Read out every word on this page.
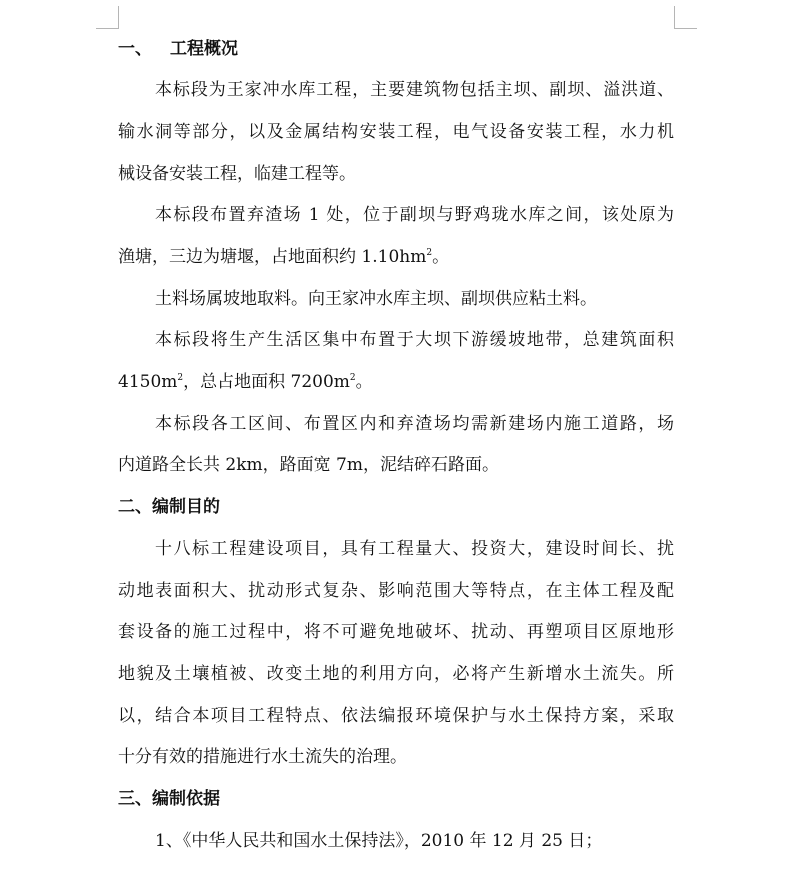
一、 工程概况
本标段为王家冲水库工程，主要建筑物包括主坝、副坝、溢洪道、
输水洞等部分，以及金属结构安装工程，电气设备安装工程，水力机
械设备安装工程，临建工程等。
本标段布置弃渣场 1 处，位于副坝与野鸡珑水库之间，该处原为
渔塘，三边为塘堰，占地面积约 $1.10hm^2$。
土料场属坡地取料。向王家冲水库主坝、副坝供应粘土料。
本标段将生产生活区集中布置于大坝下游缓坡地带，总建筑面积
$4150m^2$，总占地面积 $7200m^2$。
本标段各工区间、布置区内和弃渣场均需新建场内施工道路，场
内道路全长共 2km，路面宽 7m，泥结碎石路面。
二、编制目的
十八标工程建设项目，具有工程量大、投资大，建设时间长、扰
动地表面积大、扰动形式复杂、影响范围大等特点，在主体工程及配
套设备的施工过程中，将不可避免地破坏、扰动、再塑项目区原地形
地貌及土壤植被、改变土地的利用方向，必将产生新增水土流失。所
以，结合本项目工程特点、依法编报环境保护与水土保持方案，采取
十分有效的措施进行水土流失的治理。
三、编制依据
1、《中华人民共和国水土保持法》，2010 年 12 月 25 日；
